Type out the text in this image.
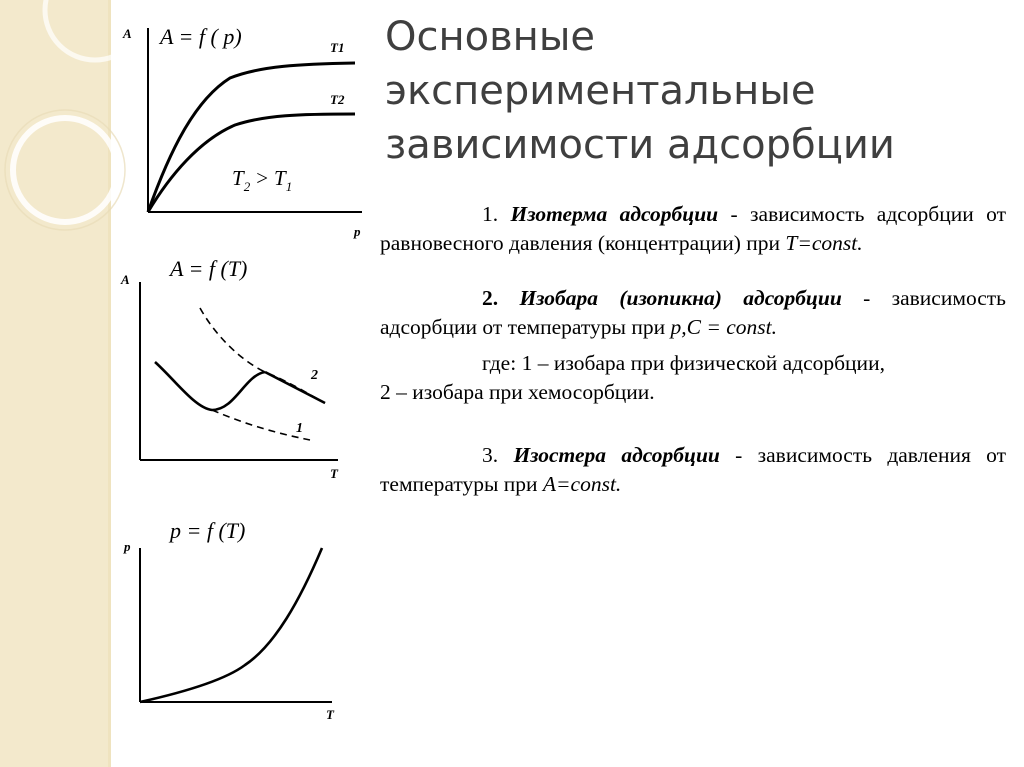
Основные
экспериментальные
зависимости адсорбции

1. Изотерма адсорбции - зависимость адсорбции от равновесного давления (концентрации) при T=const.

2. Изобара (изопикна) адсорбции - зависимость адсорбции от температуры при p,C = const.

где: 1 – изобара при физической адсорбции,

2 – изобара при хемосорбции.

3. Изостера адсорбции - зависимость давления от температуры при A=const.

A
p
A = f ( p)	T1
T2
$T_2 > T_1$
A
T
A = f (T)
1
2
p
T
p = f (T)
